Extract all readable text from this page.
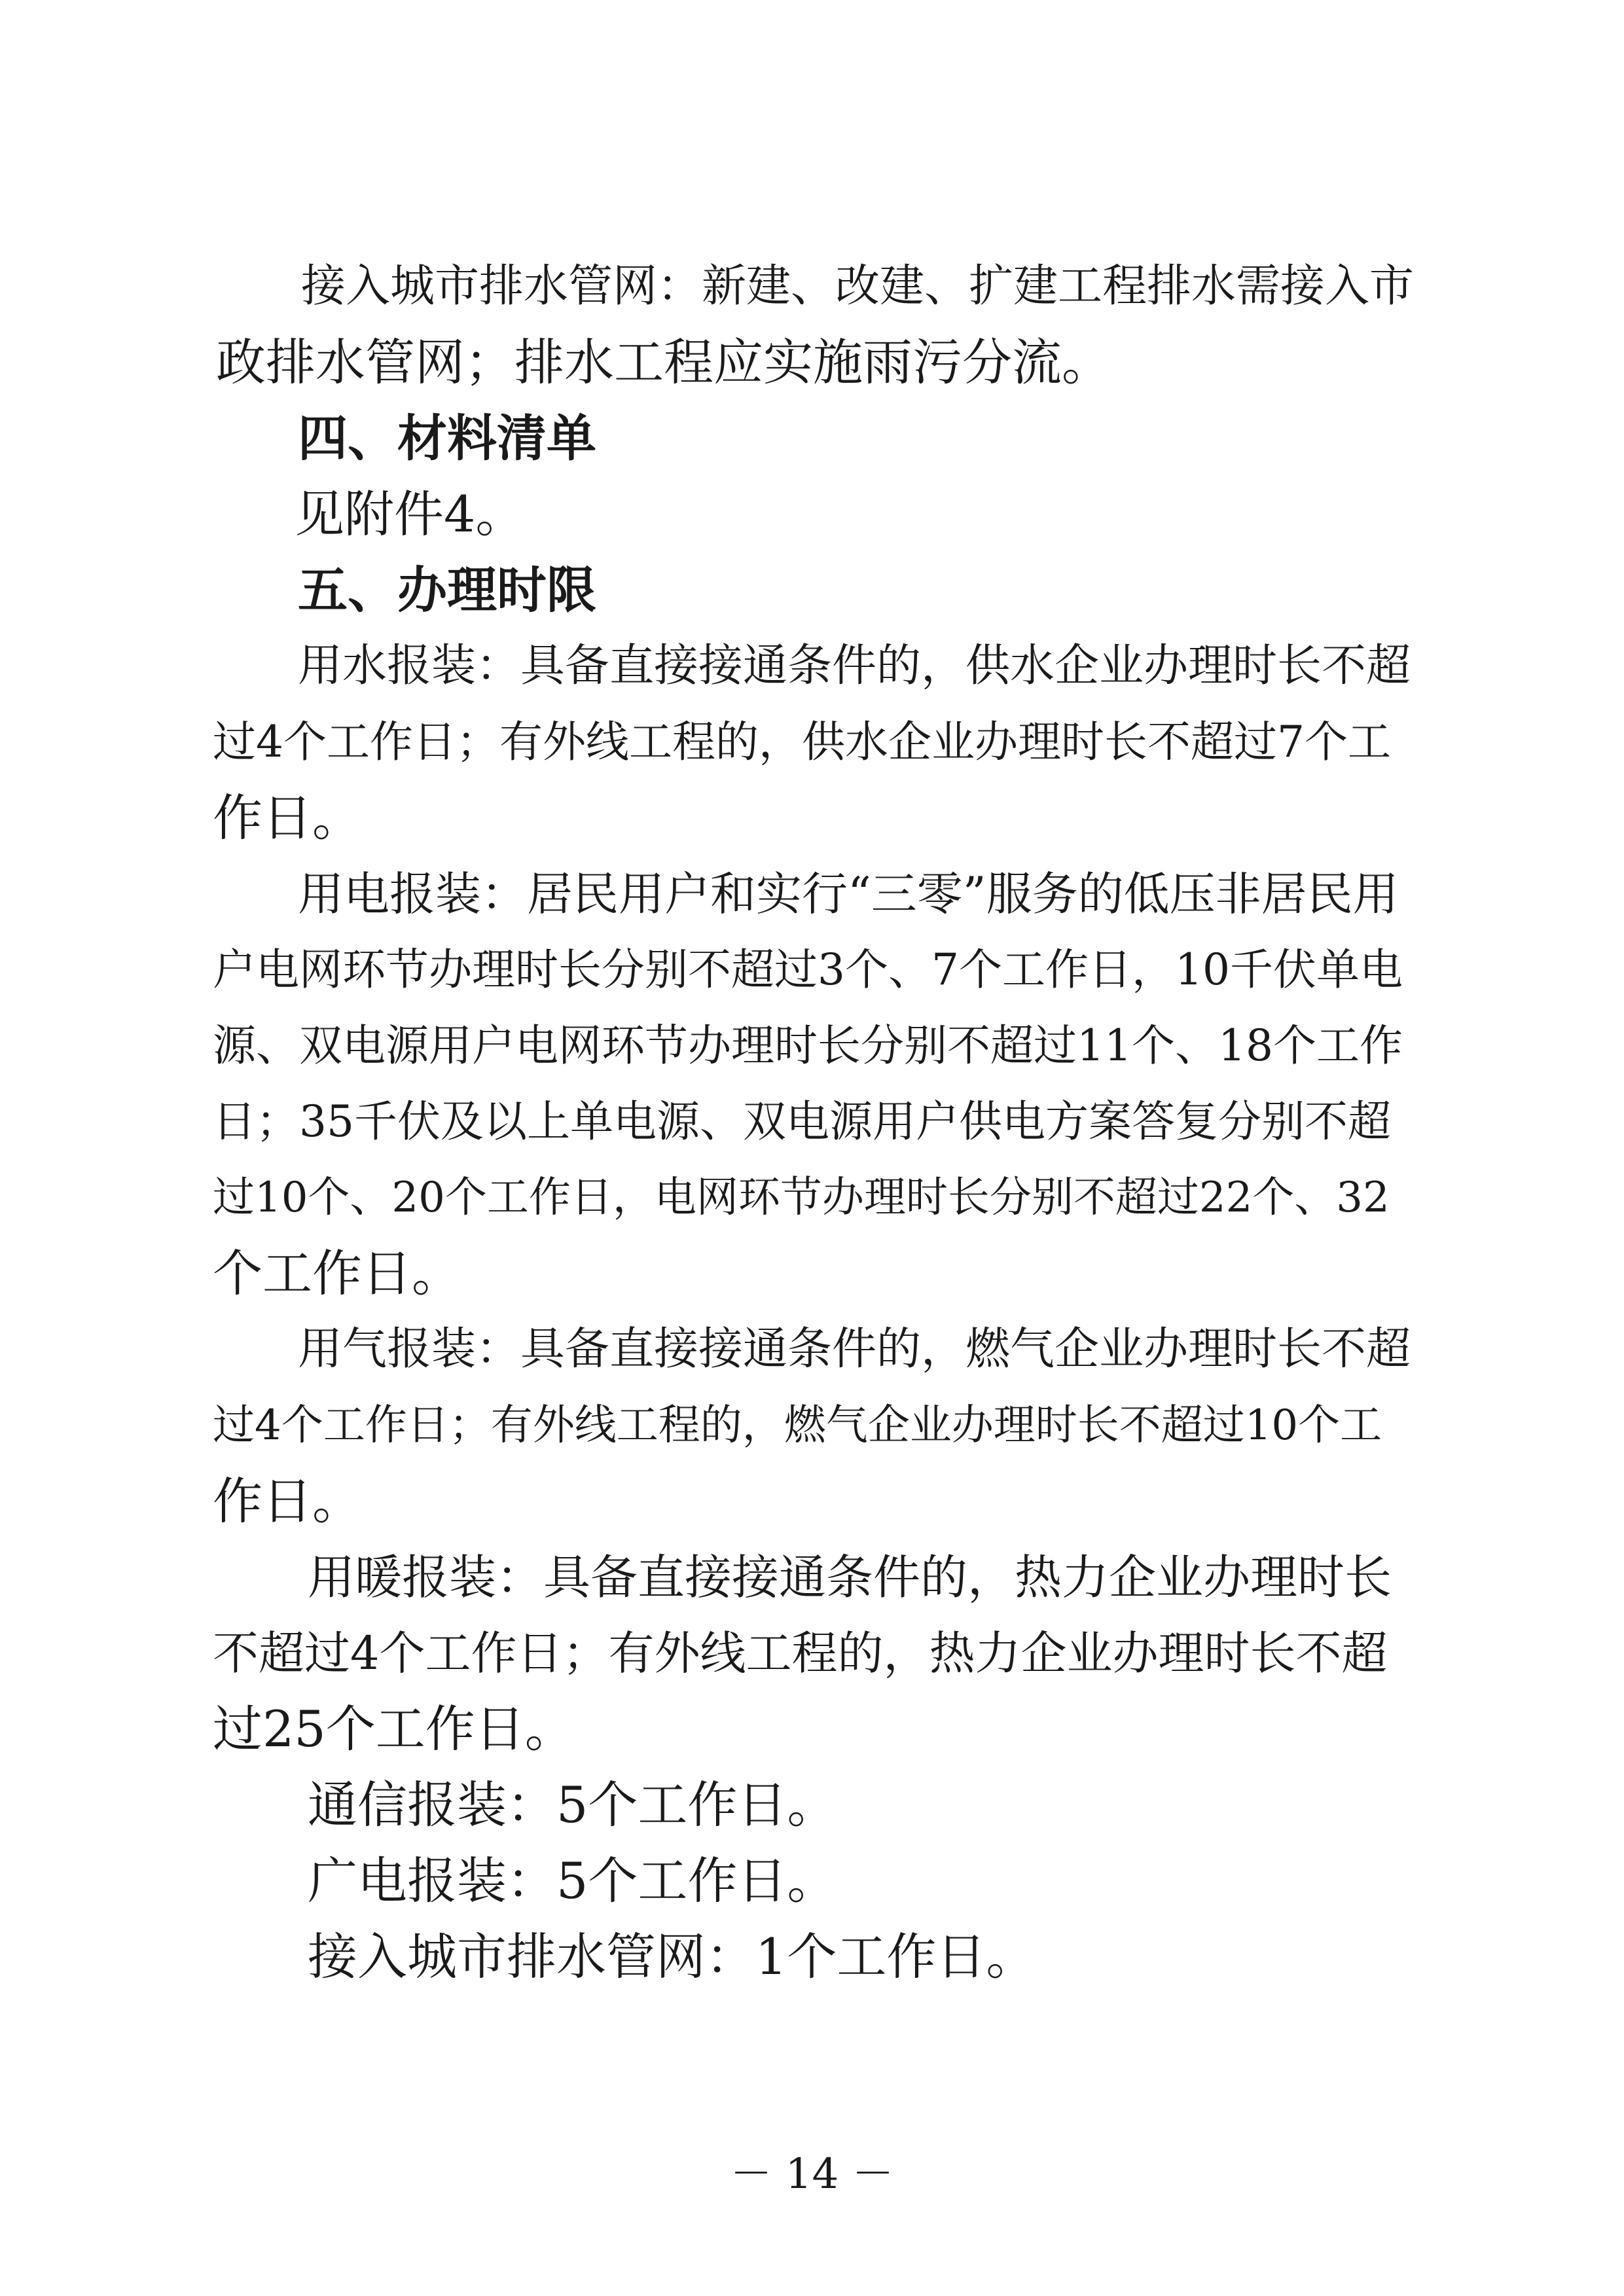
接入城市排水管网：新建、改建、扩建工程排水需接入市
政排水管网；排水工程应实施雨污分流。
四、材料清单
见附件4。
五、办理时限
用水报装：具备直接接通条件的，供水企业办理时长不超
过4个工作日；有外线工程的，供水企业办理时长不超过7个工
作日。
用电报装：居民用户和实行“三零”服务的低压非居民用
户电网环节办理时长分别不超过3个、7个工作日，10千伏单电
源、双电源用户电网环节办理时长分别不超过11个、18个工作
日；35千伏及以上单电源、双电源用户供电方案答复分别不超
过10个、20个工作日，电网环节办理时长分别不超过22个、32
个工作日。
用气报装：具备直接接通条件的，燃气企业办理时长不超
过4个工作日；有外线工程的，燃气企业办理时长不超过10个工
作日。
用暖报装：具备直接接通条件的，热力企业办理时长
不超过4个工作日；有外线工程的，热力企业办理时长不超
过25个工作日。
通信报装：5个工作日。
广电报装：5个工作日。
接入城市排水管网：1个工作日。
－ 14 －
